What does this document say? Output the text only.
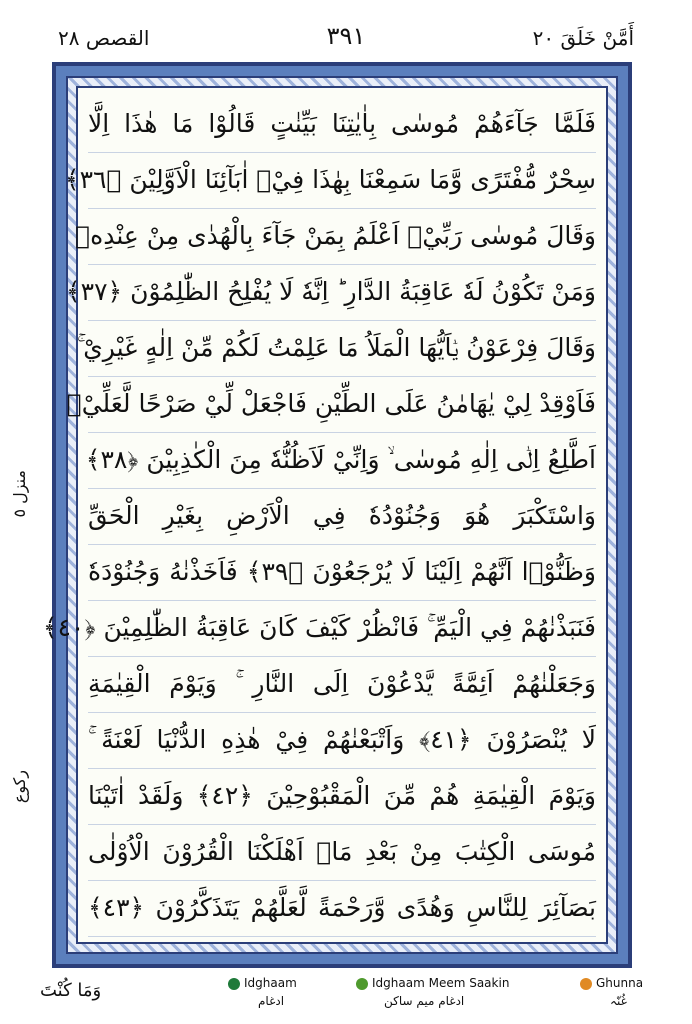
القصص ٢٨	٣٩١	أَمَّنْ خَلَقَ ٢٠
منزل ٥
ركوع
فَلَمَّا جَآءَهُمْ مُوسٰى بِاٰيٰتِنَا بَيِّنٰتٍ قَالُوْا مَا هٰذَا اِلَّا
سِحْرٌ مُّفْتَرًى وَّمَا سَمِعْنَا بِهٰذَا فِيْۤ اٰبَآئِنَا الْاَوَّلِيْنَ ﴿٣٦﴾
وَقَالَ مُوسٰى رَبِّيْۤ اَعْلَمُ بِمَنْ جَآءَ بِالْهُدٰى مِنْ عِنْدِهٖ
وَمَنْ تَكُوْنُ لَهٗ عَاقِبَةُ الدَّارِ ؕ اِنَّهٗ لَا يُفْلِحُ الظّٰلِمُوْنَ ﴿٣٧﴾
وَقَالَ فِرْعَوْنُ يٰۤاَيُّهَا الْمَلَاُ مَا عَلِمْتُ لَكُمْ مِّنْ اِلٰهٍ غَيْرِيْ ۚ
فَاَوْقِدْ لِيْ يٰهَامٰنُ عَلَى الطِّيْنِ فَاجْعَلْ لِّيْ صَرْحًا لَّعَلِّيْۤ
اَطَّلِعُ اِلٰۤى اِلٰهِ مُوسٰى ۙ وَاِنِّيْ لَاَظُنُّهٗ مِنَ الْكٰذِبِيْنَ ﴿٣٨﴾
وَاسْتَكْبَرَ هُوَ وَجُنُوْدُهٗ فِي الْاَرْضِ بِغَيْرِ الْحَقِّ
وَظَنُّوْۤا اَنَّهُمْ اِلَيْنَا لَا يُرْجَعُوْنَ ﴿٣٩﴾ فَاَخَذْنٰهُ وَجُنُوْدَهٗ
فَنَبَذْنٰهُمْ فِي الْيَمِّ ۚ فَانْظُرْ كَيْفَ كَانَ عَاقِبَةُ الظّٰلِمِيْنَ ﴿٤٠﴾
وَجَعَلْنٰهُمْ اَئِمَّةً يَّدْعُوْنَ اِلَى النَّارِ ۚ وَيَوْمَ الْقِيٰمَةِ
لَا يُنْصَرُوْنَ ﴿٤١﴾ وَاَتْبَعْنٰهُمْ فِيْ هٰذِهِ الدُّنْيَا لَعْنَةً ۚ
وَيَوْمَ الْقِيٰمَةِ هُمْ مِّنَ الْمَقْبُوْحِيْنَ ﴿٤٢﴾ وَلَقَدْ اٰتَيْنَا
مُوسَى الْكِتٰبَ مِنْ بَعْدِ مَاۤ اَهْلَكْنَا الْقُرُوْنَ الْاُوْلٰى
بَصَآئِرَ لِلنَّاسِ وَهُدًى وَّرَحْمَةً لَّعَلَّهُمْ يَتَذَكَّرُوْنَ ﴿٤٣﴾
وَمَا كُنْتَ	Idghaam
ادغام
Idghaam Meem Saakin
ادغام میم ساکن
Ghunna
غُنّہ
